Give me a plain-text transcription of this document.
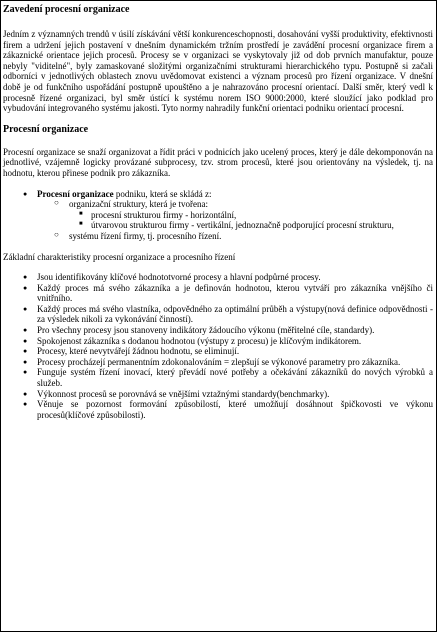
Zavedení procesní organizace

Jedním z významných trendů v úsilí získávání větší konkurenceschopnosti, dosahování vyšší produktivity, efektivnosti firem a udržení jejich postavení v dnešním dynamickém tržním prostředí je zavádění procesní organizace firem a zákaznické orientace jejich procesů. Procesy se v organizaci se vyskytovaly již od dob prvních manufaktur, pouze nebyly "viditelné", byly zamaskované složitými organizačními strukturami hierarchického typu. Postupně si začali odborníci v jednotlivých oblastech znovu uvědomovat existenci a význam procesů pro řízení organizace. V dnešní době je od funkčního uspořádání postupně upouštěno a je nahrazováno procesní orientací. Další směr, který vedl k procesně řízené organizaci, byl směr ústící k systému norem ISO 9000:2000, které sloužící jako podklad pro vybudování integrovaného systému jakosti. Tyto normy nahradily funkční orientaci podniku orientací procesní.

Procesní organizace

Procesní organizace se snaží organizovat a řídit práci v podnicích jako ucelený proces, který je dále dekomponován na jednotlivé, vzájemně logicky provázané subprocesy, tzv. strom procesů, které jsou orientovány na výsledek, tj. na hodnotu, kterou přinese podnik pro zákazníka.

● Procesní organizace podniku, která se skládá z:
○ organizační struktury, která je tvořena:
■ procesní strukturou firmy - horizontální,
■ útvarovou strukturou firmy - vertikální, jednoznačně podporující procesní strukturu,
○ systému řízení firmy, tj. procesního řízení.

Základní charakteristiky procesní organizace a procesního řízení

● Jsou identifikovány klíčové hodnototvorné procesy a hlavní podpůrné procesy.
● Každý proces má svého zákazníka a je definován hodnotou, kterou vytváří pro zákazníka vnějšího či vnitřního.
● Každý proces má svého vlastníka, odpovědného za optimální průběh a výstupy(nová definice odpovědnosti - za výsledek nikoli za vykonávání činností).
● Pro všechny procesy jsou stanoveny indikátory žádoucího výkonu (měřitelné cíle, standardy).
● Spokojenost zákazníka s dodanou hodnotou (výstupy z procesu) je klíčovým indikátorem.
● Procesy, které nevytvářejí žádnou hodnotu, se eliminují.
● Procesy procházejí permanentním zdokonalováním = zlepšují se výkonové parametry pro zákazníka.
● Funguje systém řízení inovací, který převádí nové potřeby a očekávání zákazníků do nových výrobků a služeb.
● Výkonnost procesů se porovnává se vnějšími vztažnými standardy(benchmarky).
● Věnuje se pozornost formování způsobilostí, které umožňují dosáhnout špičkovosti ve výkonu procesů(klíčové způsobilosti).
